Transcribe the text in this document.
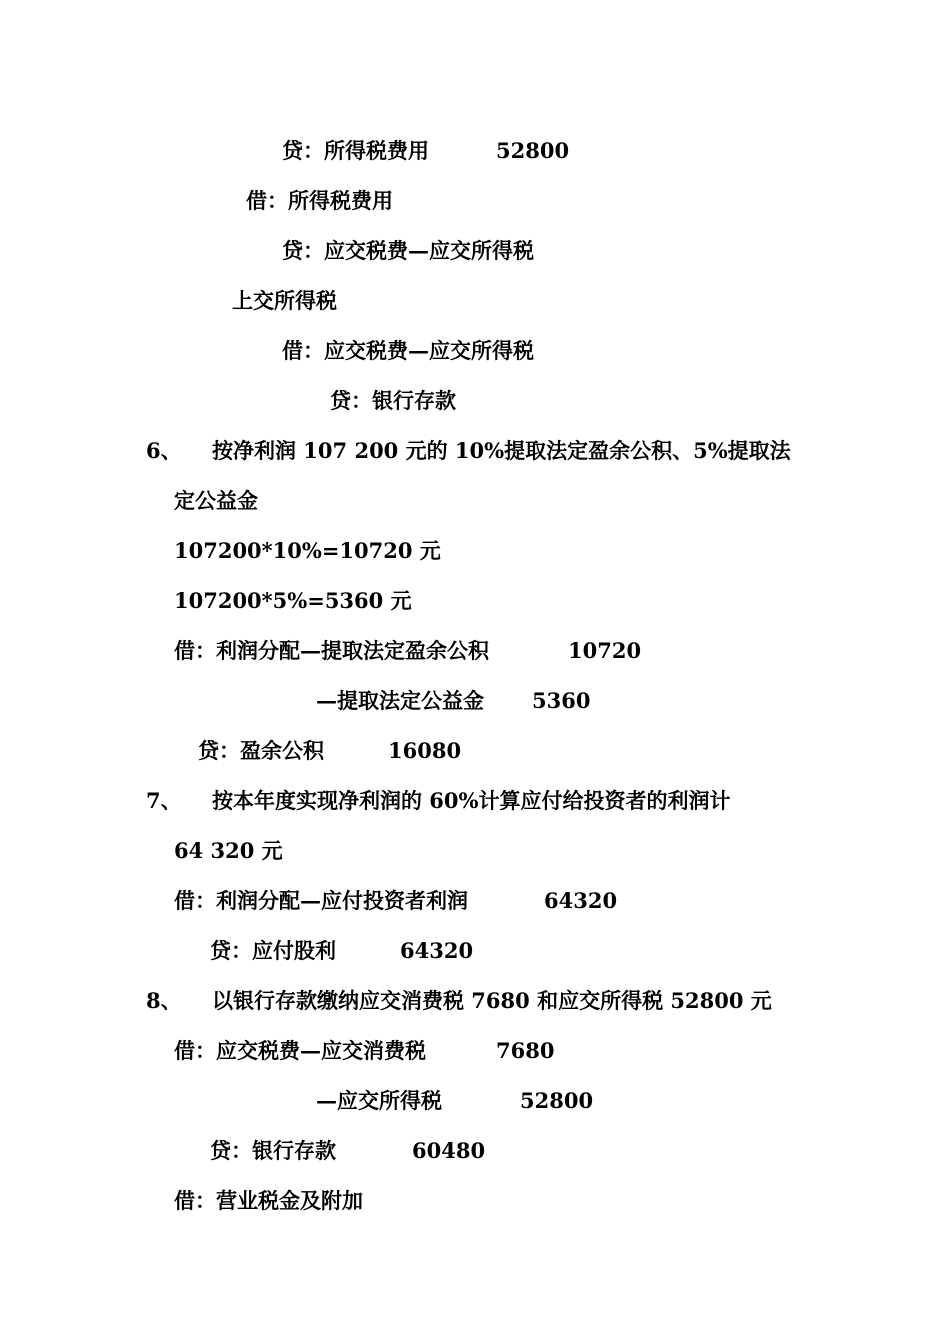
贷：所得税费用	52800
借：所得税费用
贷：应交税费—应交所得税
上交所得税
借：应交税费—应交所得税
贷：银行存款
6、 按净利润 107 200 元的 10%提取法定盈余公积、5%提取法
定公益金
107200*10%=10720 元
107200*5%=5360 元
借：利润分配—提取法定盈余公积	10720
—提取法定公益金 5360
贷：盈余公积	16080
7、 按本年度实现净利润的 60%计算应付给投资者的利润计
64 320 元
借：利润分配—应付投资者利润	64320
贷：应付股利	64320
8、 以银行存款缴纳应交消费税 7680 和应交所得税 52800 元
借：应交税费—应交消费税	7680
—应交所得税	52800
贷：银行存款	60480
借：营业税金及附加
